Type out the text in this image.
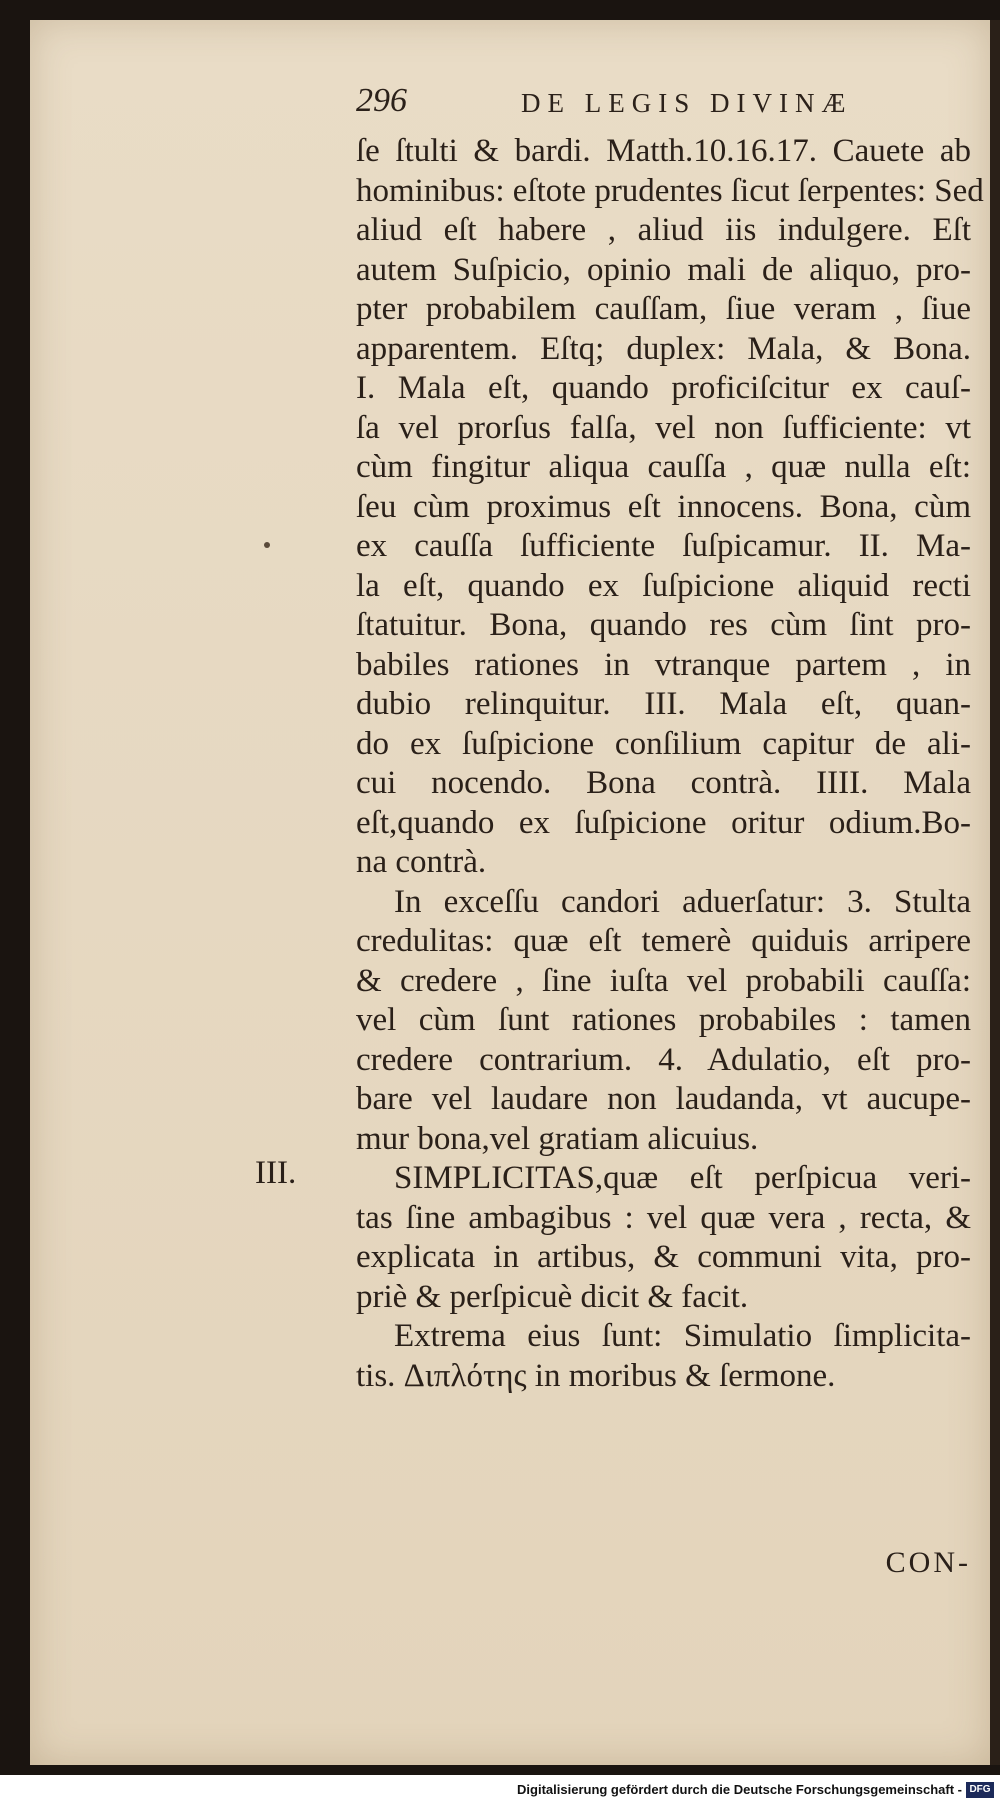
296	DE LEGIS DIVINÆ
III.
ſe ſtulti & bardi. Matth.10.16.17. Cauete ab
hominibus: eſtote prudentes ſicut ſerpentes: Sed
aliud eſt habere , aliud iis indulgere. Eſt
autem Suſpicio, opinio mali de aliquo, pro-
pter probabilem cauſſam, ſiue veram , ſiue
apparentem. Eſtq; duplex: Mala, & Bona.
I. Mala eſt, quando proficiſcitur ex cauſ-
ſa vel prorſus falſa, vel non ſufficiente: vt
cùm fingitur aliqua cauſſa , quæ nulla eſt:
ſeu cùm proximus eſt innocens. Bona, cùm
ex cauſſa ſufficiente ſuſpicamur. II. Ma-
la eſt, quando ex ſuſpicione aliquid recti
ſtatuitur. Bona, quando res cùm ſint pro-
babiles rationes in vtranque partem , in
dubio relinquitur. III. Mala eſt, quan-
do ex ſuſpicione conſilium capitur de ali-
cui nocendo. Bona contrà. IIII. Mala
eſt,quando ex ſuſpicione oritur odium.Bo-
na contrà.
In exceſſu candori aduerſatur: 3. Stulta
credulitas: quæ eſt temerè quiduis arripere
& credere , ſine iuſta vel probabili cauſſa:
vel cùm ſunt rationes probabiles : tamen
credere contrarium. 4. Adulatio, eſt pro-
bare vel laudare non laudanda, vt aucupe-
mur bona,vel gratiam alicuius.
SIMPLICITAS,quæ eſt perſpicua veri-
tas ſine ambagibus : vel quæ vera , recta, &
explicata in artibus, & communi vita, pro-
priè & perſpicuè dicit & facit.
Extrema eius ſunt: Simulatio ſimplicita-
tis. Διπλότης in moribus & ſermone.
CON-
Digitalisierung gefördert durch die Deutsche Forschungsgemeinschaft - DFG
